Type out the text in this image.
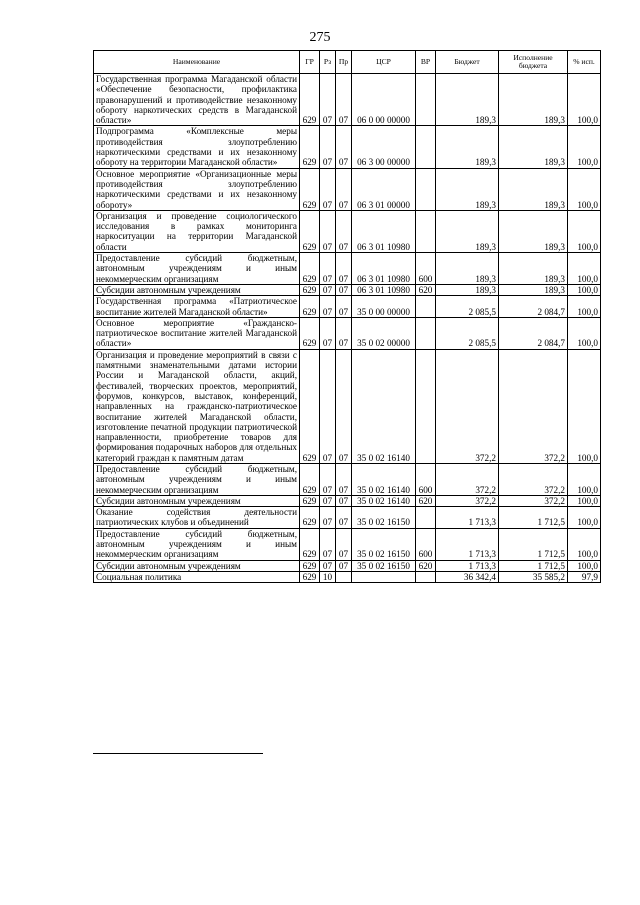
275
Наименование	ГР	Рз	Пр	ЦСР	ВР	Бюджет	Исполнение бюджета	% исп.
Государственная программа Магаданской области «Обеспечение безопасности, профилактика правонарушений и противодействие незаконному обороту наркотических средств в Магаданской области»	629	07	07	06 0 00 00000		189,3	189,3	100,0
Подпрограмма «Комплексные меры противодействия злоупотреблению наркотическими средствами и их незаконному обороту на территории Магаданской области»	629	07	07	06 3 00 00000		189,3	189,3	100,0
Основное мероприятие «Организационные меры противодействия злоупотреблению наркотическими средствами и их незаконному обороту»	629	07	07	06 3 01 00000		189,3	189,3	100,0
Организация и проведение социологического исследования в рамках мониторинга наркоситуации на территории Магаданской области	629	07	07	06 3 01 10980		189,3	189,3	100,0
Предоставление субсидий бюджетным, автономным учреждениям и иным некоммерческим организациям	629	07	07	06 3 01 10980	600	189,3	189,3	100,0
Субсидии автономным учреждениям	629	07	07	06 3 01 10980	620	189,3	189,3	100,0
Государственная программа «Патриотическое воспитание жителей Магаданской области»	629	07	07	35 0 00 00000		2 085,5	2 084,7	100,0
Основное мероприятие «Гражданско-патриотическое воспитание жителей Магаданской области»	629	07	07	35 0 02 00000		2 085,5	2 084,7	100,0
Организация и проведение мероприятий в связи с памятными знаменательными датами истории России и Магаданской области, акций, фестивалей, творческих проектов, мероприятий, форумов, конкурсов, выставок, конференций, направленных на гражданско-патриотическое воспитание жителей Магаданской области, изготовление печатной продукции патриотической направленности, приобретение товаров для формирования подарочных наборов для отдельных категорий граждан к памятным датам	629	07	07	35 0 02 16140		372,2	372,2	100,0
Предоставление субсидий бюджетным, автономным учреждениям и иным некоммерческим организациям	629	07	07	35 0 02 16140	600	372,2	372,2	100,0
Субсидии автономным учреждениям	629	07	07	35 0 02 16140	620	372,2	372,2	100,0
Оказание содействия деятельности патриотических клубов и объединений	629	07	07	35 0 02 16150		1 713,3	1 712,5	100,0
Предоставление субсидий бюджетным, автономным учреждениям и иным некоммерческим организациям	629	07	07	35 0 02 16150	600	1 713,3	1 712,5	100,0
Субсидии автономным учреждениям	629	07	07	35 0 02 16150	620	1 713,3	1 712,5	100,0
Социальная политика	629	10				36 342,4	35 585,2	97,9
